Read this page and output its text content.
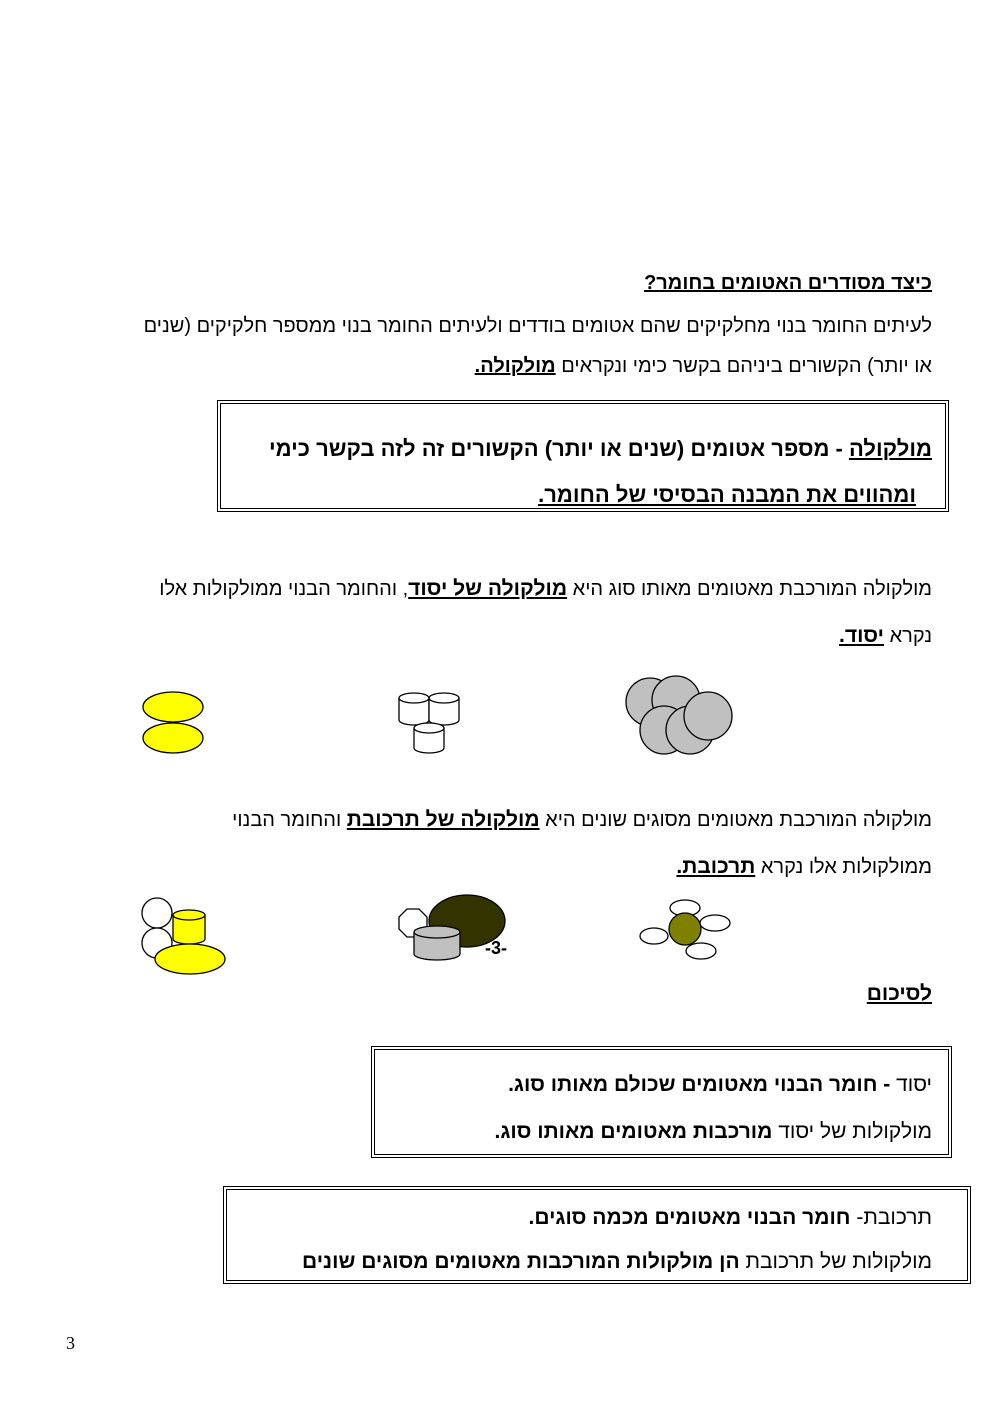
כיצד מסודרים האטומים בחומר?
לעיתים החומר בנוי מחלקיקים שהם אטומים בודדים ולעיתים החומר בנוי ממספר חלקיקים (שנים
או יותר) הקשורים ביניהם בקשר כימי ונקראים מולקולה.
מולקולה - מספר אטומים (שנים או יותר) הקשורים זה לזה בקשר כימי
ומהווים את המבנה הבסיסי של החומר.
מולקולה המורכבת מאטומים מאותו סוג היא מולקולה של יסוד, והחומר הבנוי ממולקולות אלו
נקרא יסוד.
מולקולה המורכבת מאטומים מסוגים שונים היא מולקולה של תרכובת והחומר הבנוי
ממולקולות אלו נקרא תרכובת.
-3-
לסיכום
יסוד - חומר הבנוי מאטומים שכולם מאותו סוג.
מולקולות של יסוד מורכבות מאטומים מאותו סוג.
תרכובת- חומר הבנוי מאטומים מכמה סוגים.
מולקולות של תרכובת הן מולקולות המורכבות מאטומים מסוגים שונים
3
